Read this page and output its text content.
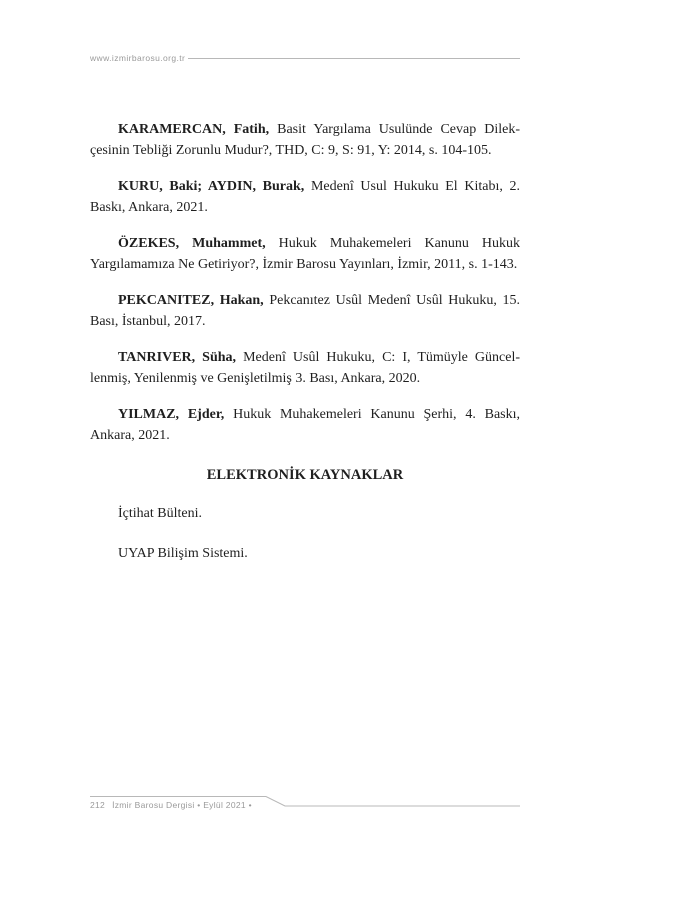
www.izmirbarosu.org.tr

KARAMERCAN, Fatih, Basit Yargılama Usulünde Cevap Dilekçesinin Tebliği Zorunlu Mudur?, THD, C: 9, S: 91, Y: 2014, s. 104-105.

KURU, Baki; AYDIN, Burak, Medenî Usul Hukuku El Kitabı, 2. Baskı, Ankara, 2021.

ÖZEKES, Muhammet, Hukuk Muhakemeleri Kanunu Hukuk Yargılamamıza Ne Getiriyor?, İzmir Barosu Yayınları, İzmir, 2011, s. 1-143.

PEKCANITEZ, Hakan, Pekcanıtez Usûl Medenî Usûl Hukuku, 15. Bası, İstanbul, 2017.

TANRIVER, Süha, Medenî Usûl Hukuku, C: I, Tümüyle Güncellenmiş, Yenilenmiş ve Genişletilmiş 3. Bası, Ankara, 2020.

YILMAZ, Ejder, Hukuk Muhakemeleri Kanunu Şerhi, 4. Baskı, Ankara, 2021.

ELEKTRONİK KAYNAKLAR

İçtihat Bülteni.

UYAP Bilişim Sistemi.

212 İzmir Barosu Dergisi • Eylül 2021 •
